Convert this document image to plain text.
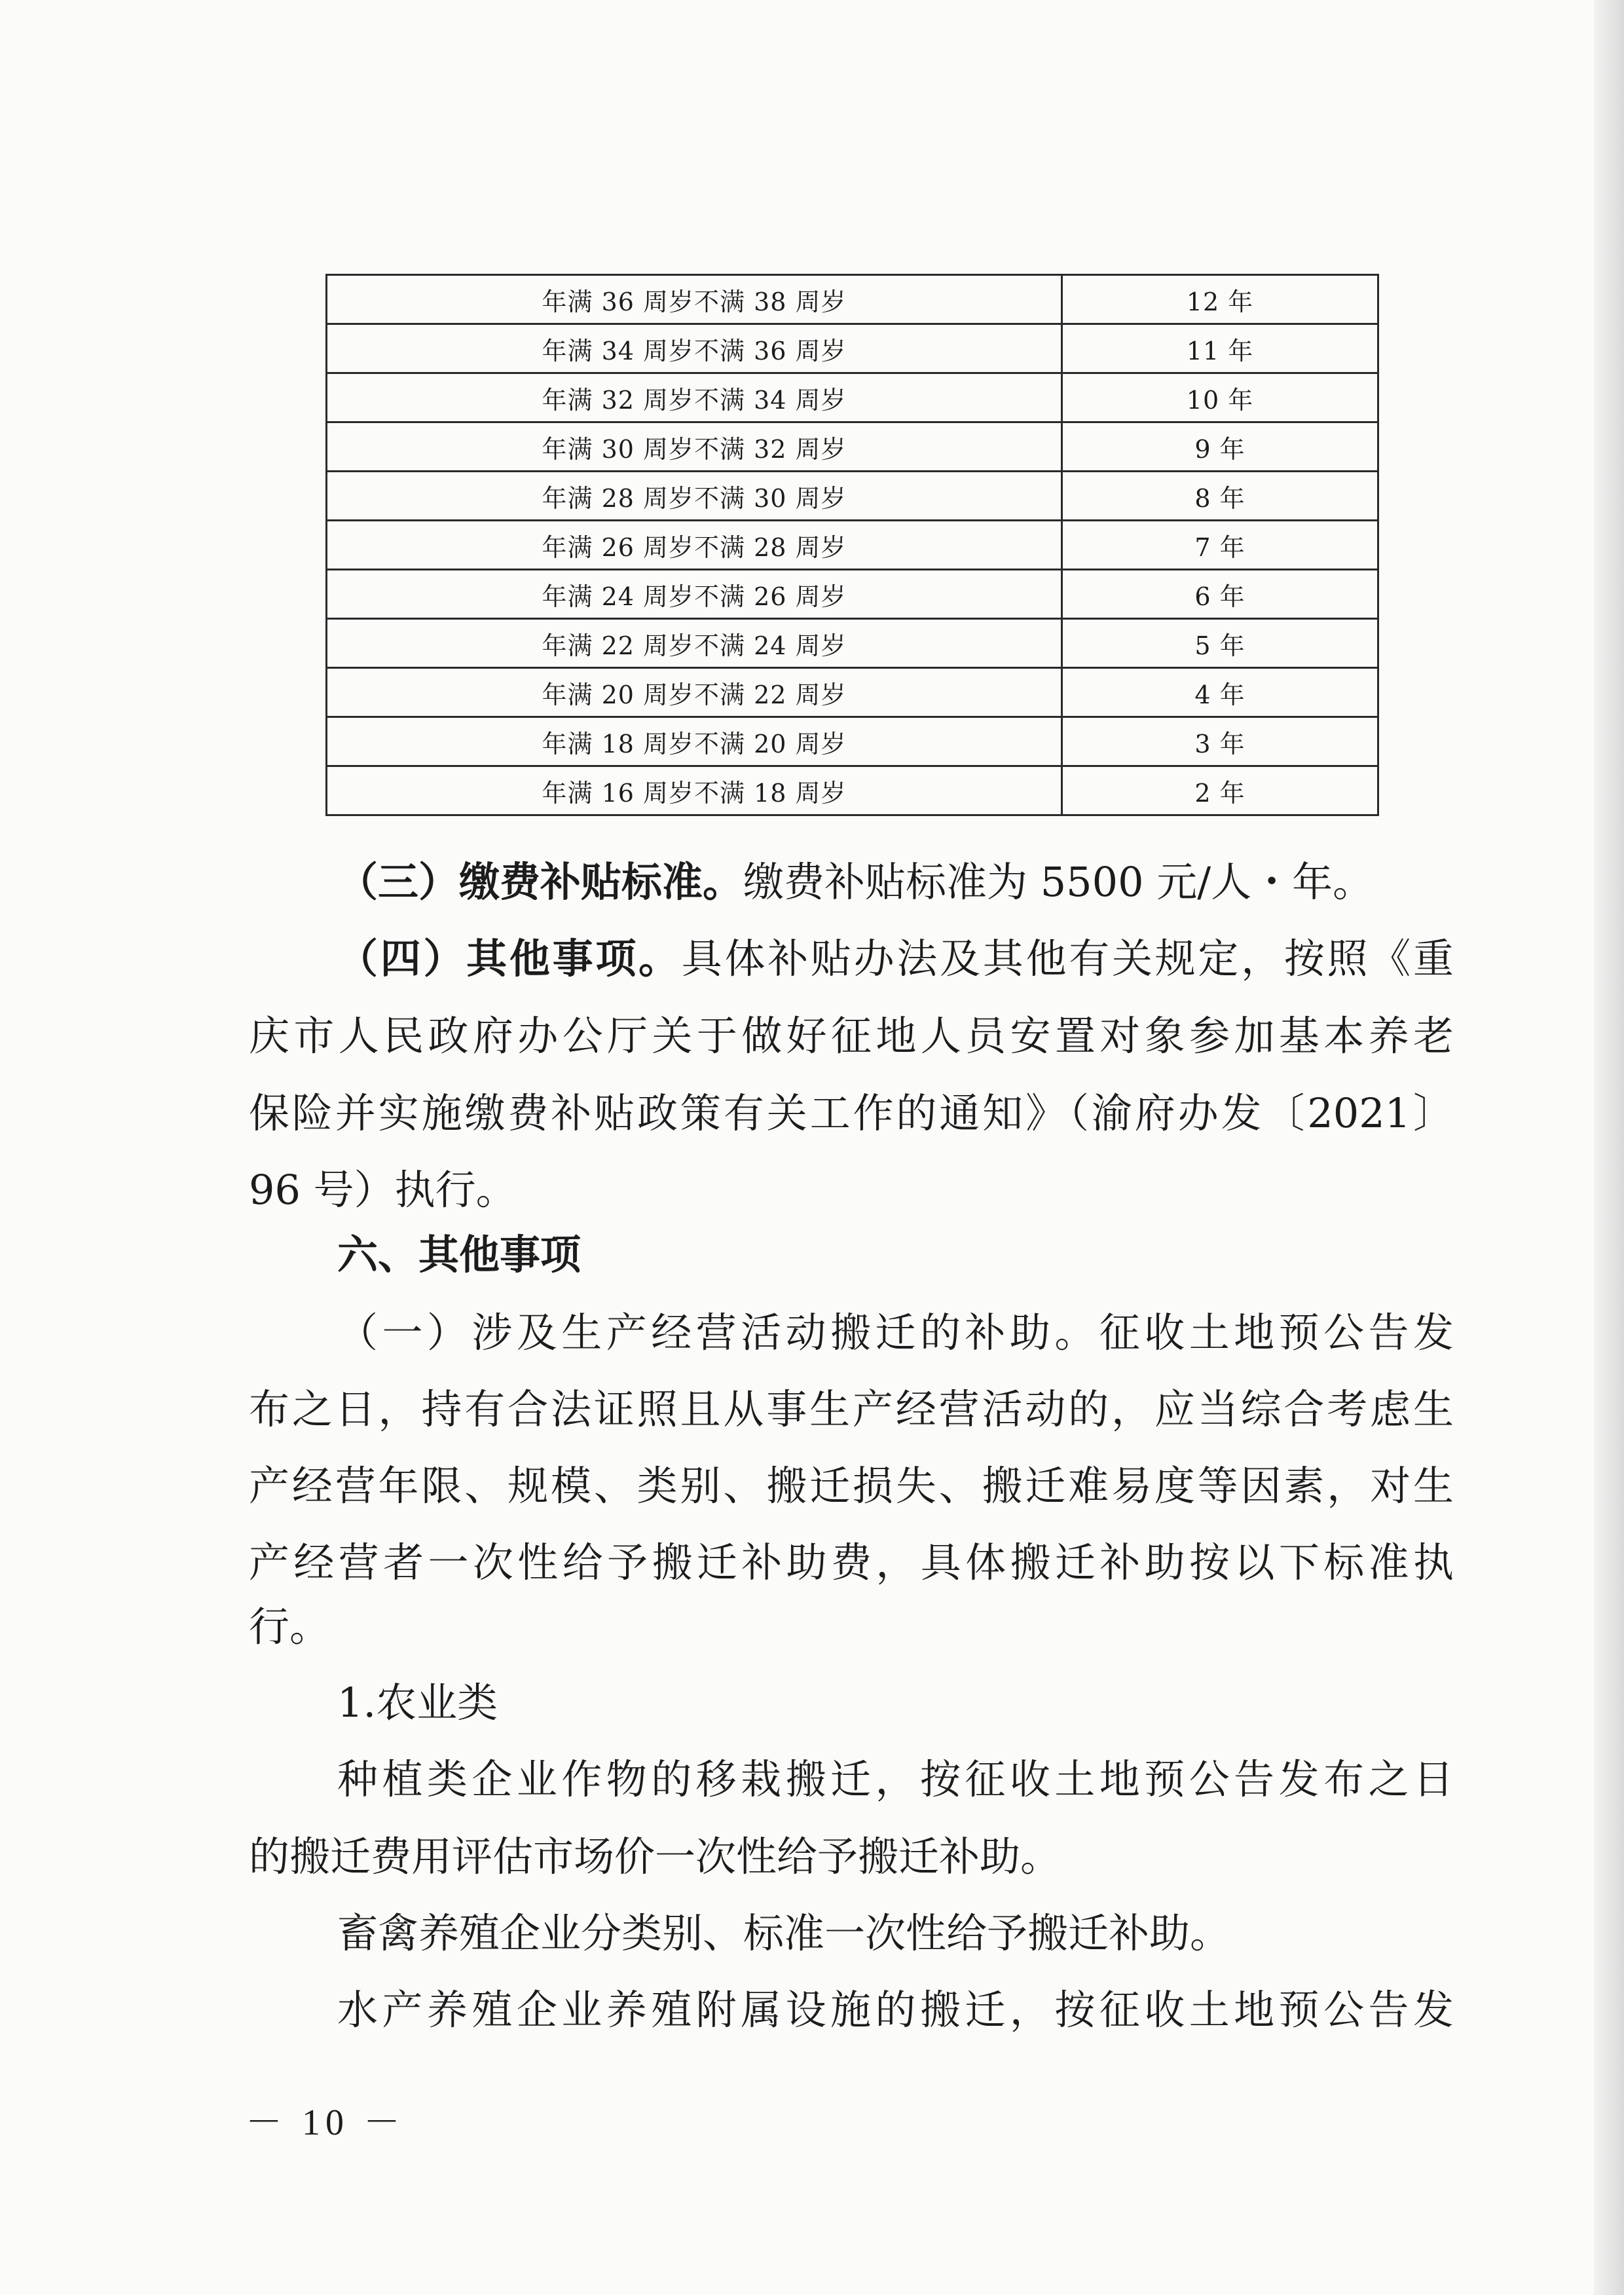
年满 36 周岁不满 38 周岁	12 年
年满 34 周岁不满 36 周岁	11 年
年满 32 周岁不满 34 周岁	10 年
年满 30 周岁不满 32 周岁	9 年
年满 28 周岁不满 30 周岁	8 年
年满 26 周岁不满 28 周岁	7 年
年满 24 周岁不满 26 周岁	6 年
年满 22 周岁不满 24 周岁	5 年
年满 20 周岁不满 22 周岁	4 年
年满 18 周岁不满 20 周岁	3 年
年满 16 周岁不满 18 周岁	2 年

（三）缴费补贴标准。缴费补贴标准为 5500 元/人・年。

（四）其他事项。具体补贴办法及其他有关规定，按照《重

庆市人民政府办公厅关于做好征地人员安置对象参加基本养老

保险并实施缴费补贴政策有关工作的通知》（渝府办发〔2021〕

96 号）执行。

六、其他事项

（一）涉及生产经营活动搬迁的补助。征收土地预公告发

布之日，持有合法证照且从事生产经营活动的，应当综合考虑生

产经营年限、规模、类别、搬迁损失、搬迁难易度等因素，对生

产经营者一次性给予搬迁补助费，具体搬迁补助按以下标准执

行。

1.农业类

种植类企业作物的移栽搬迁，按征收土地预公告发布之日

的搬迁费用评估市场价一次性给予搬迁补助。

畜禽养殖企业分类别、标准一次性给予搬迁补助。

水产养殖企业养殖附属设施的搬迁，按征收土地预公告发

－ 10 －
